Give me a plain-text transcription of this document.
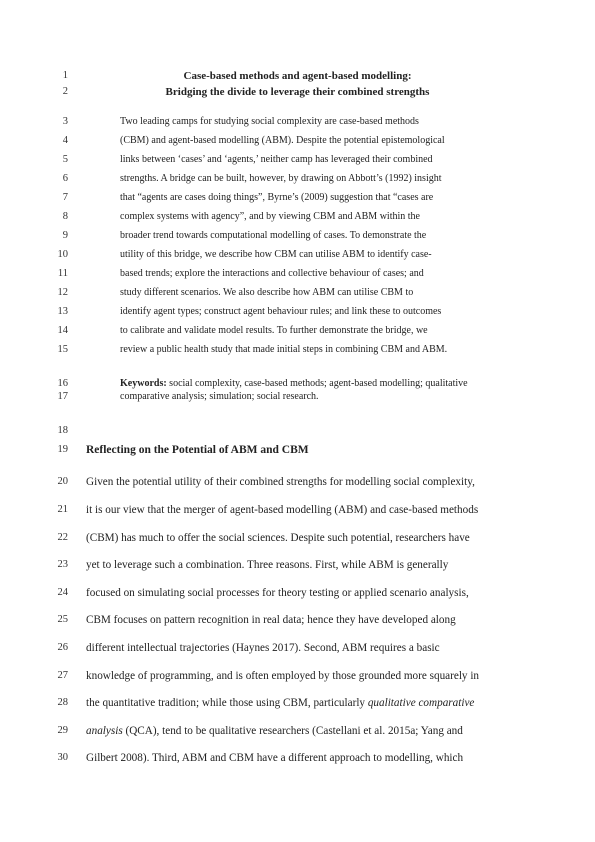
1	Case-based methods and agent-based modelling:
2	Bridging the divide to leverage their combined strengths
3	Two leading camps for studying social complexity are case-based methods
4	(CBM) and agent-based modelling (ABM). Despite the potential epistemological
5	links between ‘cases’ and ‘agents,’ neither camp has leveraged their combined
6	strengths. A bridge can be built, however, by drawing on Abbott’s (1992) insight
7	that “agents are cases doing things”, Byrne’s (2009) suggestion that “cases are
8	complex systems with agency”, and by viewing CBM and ABM within the
9	broader trend towards computational modelling of cases. To demonstrate the
10	utility of this bridge, we describe how CBM can utilise ABM to identify case-
11	based trends; explore the interactions and collective behaviour of cases; and
12	study different scenarios. We also describe how ABM can utilise CBM to
13	identify agent types; construct agent behaviour rules; and link these to outcomes
14	to calibrate and validate model results. To further demonstrate the bridge, we
15	review a public health study that made initial steps in combining CBM and ABM.
16	Keywords: social complexity, case-based methods; agent-based modelling; qualitative
17	comparative analysis; simulation; social research.
18
19 Reflecting on the Potential of ABM and CBM
20 Given the potential utility of their combined strengths for modelling social complexity,
21 it is our view that the merger of agent-based modelling (ABM) and case-based methods
22 (CBM) has much to offer the social sciences. Despite such potential, researchers have
23 yet to leverage such a combination. Three reasons. First, while ABM is generally
24 focused on simulating social processes for theory testing or applied scenario analysis,
25 CBM focuses on pattern recognition in real data; hence they have developed along
26 different intellectual trajectories (Haynes 2017). Second, ABM requires a basic
27 knowledge of programming, and is often employed by those grounded more squarely in
28 the quantitative tradition; while those using CBM, particularly qualitative comparative
29 analysis (QCA), tend to be qualitative researchers (Castellani et al. 2015a; Yang and
30 Gilbert 2008). Third, ABM and CBM have a different approach to modelling, which
